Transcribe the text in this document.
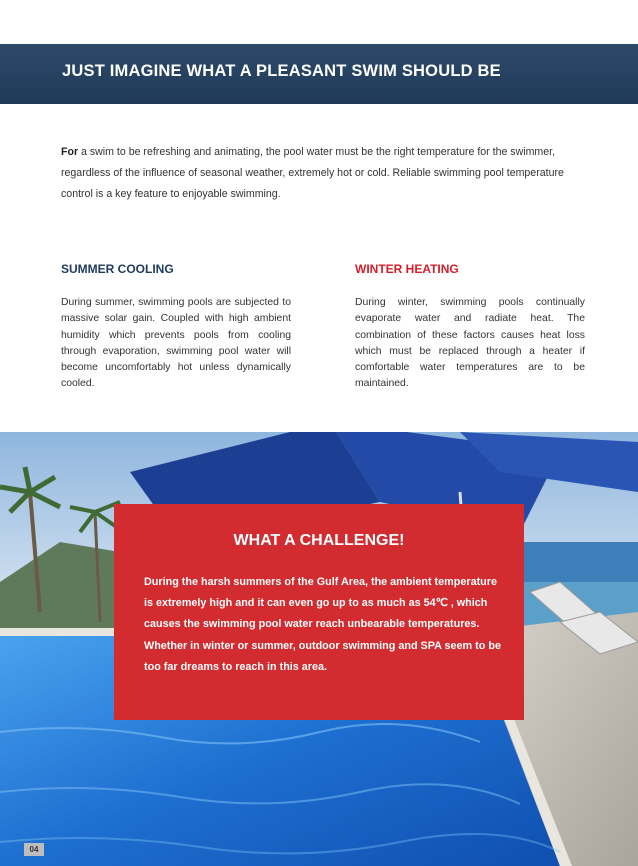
JUST IMAGINE WHAT A PLEASANT SWIM SHOULD BE
For a swim to be refreshing and animating, the pool water must be the right temperature for the swimmer, regardless of the influence of seasonal weather, extremely hot or cold. Reliable swimming pool temperature control is a key feature to enjoyable swimming.
SUMMER COOLING
During summer, swimming pools are subjected to massive solar gain. Coupled with high ambient humidity which prevents pools from cooling through evaporation, swimming pool water will become uncomfortably hot unless dynamically cooled.
WINTER HEATING
During winter, swimming pools continually evaporate water and radiate heat. The combination of these factors causes heat loss which must be replaced through a heater if comfortable water temperatures are to be maintained.
WHAT A CHALLENGE!
During the harsh summers of the Gulf Area, the ambient temperature is extremely high and it can even go up to as much as 54℃ , which causes the swimming pool water reach unbearable temperatures. Whether in winter or summer, outdoor swimming and SPA seem to be too far dreams to reach in this area.
04
